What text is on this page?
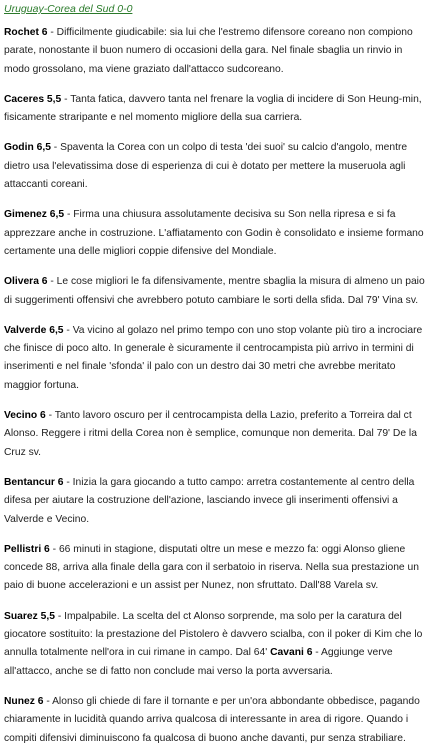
Uruguay-Corea del Sud 0-0

Rochet 6 - Difficilmente giudicabile: sia lui che l'estremo difensore coreano non compiono parate, nonostante il buon numero di occasioni della gara. Nel finale sbaglia un rinvio in modo grossolano, ma viene graziato dall'attacco sudcoreano.

Caceres 5,5 - Tanta fatica, davvero tanta nel frenare la voglia di incidere di Son Heung-min, fisicamente straripante e nel momento migliore della sua carriera.

Godin 6,5 - Spaventa la Corea con un colpo di testa 'dei suoi' su calcio d'angolo, mentre dietro usa l'elevatissima dose di esperienza di cui è dotato per mettere la museruola agli attaccanti coreani.

Gimenez 6,5 - Firma una chiusura assolutamente decisiva su Son nella ripresa e si fa apprezzare anche in costruzione. L'affiatamento con Godin è consolidato e insieme formano certamente una delle migliori coppie difensive del Mondiale.

Olivera 6 - Le cose migliori le fa difensivamente, mentre sbaglia la misura di almeno un paio di suggerimenti offensivi che avrebbero potuto cambiare le sorti della sfida. Dal 79' Vina sv.

Valverde 6,5 - Va vicino al golazo nel primo tempo con uno stop volante più tiro a incrociare che finisce di poco alto. In generale è sicuramente il centrocampista più arrivo in termini di inserimenti e nel finale 'sfonda' il palo con un destro dai 30 metri che avrebbe meritato maggior fortuna.

Vecino 6 - Tanto lavoro oscuro per il centrocampista della Lazio, preferito a Torreira dal ct Alonso. Reggere i ritmi della Corea non è semplice, comunque non demerita. Dal 79' De la Cruz sv.

Bentancur 6 - Inizia la gara giocando a tutto campo: arretra costantemente al centro della difesa per aiutare la costruzione dell'azione, lasciando invece gli inserimenti offensivi a Valverde e Vecino.

Pellistri 6 - 66 minuti in stagione, disputati oltre un mese e mezzo fa: oggi Alonso gliene concede 88, arriva alla finale della gara con il serbatoio in riserva. Nella sua prestazione un paio di buone accelerazioni e un assist per Nunez, non sfruttato. Dall'88 Varela sv.

Suarez 5,5 - Impalpabile. La scelta del ct Alonso sorprende, ma solo per la caratura del giocatore sostituito: la prestazione del Pistolero è davvero scialba, con il poker di Kim che lo annulla totalmente nell'ora in cui rimane in campo. Dal 64' Cavani 6 - Aggiunge verve all'attacco, anche se di fatto non conclude mai verso la porta avversaria.

Nunez 6 - Alonso gli chiede di fare il tornante e per un'ora abbondante obbedisce, pagando chiaramente in lucidità quando arriva qualcosa di interessante in area di rigore. Quando i compiti difensivi diminuiscono fa qualcosa di buono anche davanti, pur senza strabiliare.
